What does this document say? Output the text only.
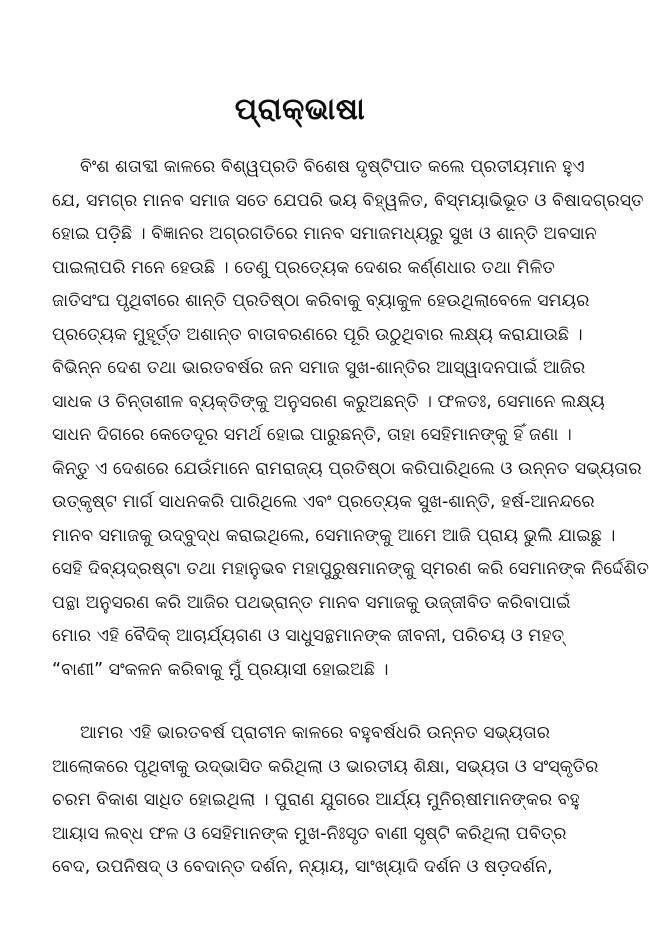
ପ୍ରାକ୍‌ଭାଷା
ବିଂଶ ଶତାବ୍ଦୀ କାଳରେ ବିଶ୍ୱପ୍ରତି ବିଶେଷ ଦୃଷ୍ଟିପାତ କଲେ ପ୍ରତୀୟମାନ ହୁଏ
ଯେ, ସମଗ୍ର ମାନବ ସମାଜ ସତେ ଯେପରି ଭୟ ବିହ୍ୱଳିତ, ବିସ୍ମୟାଭିଭୂତ ଓ ବିଷାଦଗ୍ରସ୍ତ
ହୋଇ ପଡ଼ିଛି । ବିଜ୍ଞାନର ଅଗ୍ରଗତିରେ ମାନବ ସମାଜମଧ୍ୟରୁ ସୁଖ ଓ ଶାନ୍ତି ଅବସାନ
ପାଇଲାପରି ମନେ ହେଉଛି । ତେଣୁ ପ୍ରତ୍ୟେକ ଦେଶର କର୍ଣ୍ଣଧାର ତଥା ମିଳିତ
ଜାତିସଂଘ ପୃଥିବୀରେ ଶାନ୍ତି ପ୍ରତିଷ୍ଠା କରିବାକୁ ବ୍ୟାକୁଳ ହେଉଥିଲାବେଳେ ସମୟର
ପ୍ରତ୍ୟେକ ମୁହୂର୍ତ୍ତ ଅଶାନ୍ତ ବାତାବରଣରେ ପୂରି ଉଠୁଥିବାର ଲକ୍ଷ୍ୟ କରାଯାଉଛି ।
ବିଭିନ୍ନ ଦେଶ ତଥା ଭାରତବର୍ଷର ଜନ ସମାଜ ସୁଖ-ଶାନ୍ତିର ଆସ୍ୱାଦନପାଇଁ ଆଜିର
ସାଧକ ଓ ଚିନ୍ତାଶୀଳ ବ୍ୟକ୍ତିଙ୍କୁ ଅନୁସରଣ କରୁଅଛନ୍ତି । ଫଳତଃ, ସେମାନେ ଲକ୍ଷ୍ୟ
ସାଧନ ଦିଗରେ କେତେଦୂର ସମର୍ଥ ହୋଇ ପାରୁଛନ୍ତି, ତାହା ସେହିମାନଙ୍କୁ ହିଁ ଜଣା ।
କିନ୍ତୁ ଏ ଦେଶରେ ଯେଉଁମାନେ ରାମରାଜ୍ୟ ପ୍ରତିଷ୍ଠା କରିପାରିଥିଲେ ଓ ଉନ୍ନତ ସଭ୍ୟତାର
ଉତ୍କୃଷ୍ଟ ମାର୍ଗ ସାଧନକରି ପାରିଥିଲେ ଏବଂ ପ୍ରତ୍ୟେକ ସୁଖ-ଶାନ୍ତି, ହର୍ଷ-ଆନନ୍ଦରେ
ମାନବ ସମାଜକୁ ଉଦ୍‌ବୁଦ୍ଧ କରାଇଥିଲେ, ସେମାନଙ୍କୁ ଆମେ ଆଜି ପ୍ରାୟ ଭୁଲି ଯାଇଛୁ ।
ସେହି ଦିବ୍ୟଦ୍ରଷ୍ଟା ତଥା ମହାନୁଭବ ମହାପୁରୁଷମାନଙ୍କୁ ସ୍ମରଣ କରି ସେମାନଙ୍କ ନିର୍ଦ୍ଦେଶିତ
ପନ୍ଥା ଅନୁସରଣ କରି ଆଜିର ପଥଭ୍ରାନ୍ତ ମାନବ ସମାଜକୁ ଉଜ୍ଜୀବିତ କରିବାପାଇଁ
ମୋର ଏହି ବୈଦିକ୍ ଆଚାର୍ଯ୍ୟଗଣ ଓ ସାଧୁସନ୍ଥମାନଙ୍କ ଜୀବନୀ, ପରିଚୟ ଓ ମହତ୍
“ବାଣୀ” ସଂକଳନ କରିବାକୁ ମୁଁ ପ୍ରୟାସୀ ହୋଇଅଛି ।
ଆମର ଏହି ଭାରତବର୍ଷ ପ୍ରାଚୀନ କାଳରେ ବହୁବର୍ଷଧରି ଉନ୍ନତ ସଭ୍ୟତାର
ଆଲୋକରେ ପୃଥିବୀକୁ ଉଦ୍ଭାସିତ କରିଥିଲା ଓ ଭାରତୀୟ ଶିକ୍ଷା, ସଭ୍ୟତା ଓ ସଂସ୍କୃତିର
ଚରମ ବିକାଶ ସାଧିତ ହୋଇଥିଲା । ପୁରାଣ ଯୁଗରେ ଆର୍ଯ୍ୟ ମୁନିଋଷୀମାନଙ୍କର ବହୁ
ଆୟାସ ଲବ୍ଧ ଫଳ ଓ ସେହିମାନଙ୍କ ମୁଖ-ନିଃସୃତ ବାଣୀ ସୃଷ୍ଟି କରିଥିଲା ପବିତ୍ର
ବେଦ, ଉପନିଷଦ୍ ଓ ବେଦାନ୍ତ ଦର୍ଶନ, ନ୍ୟାୟ, ସାଂଖ୍ୟାଦି ଦର୍ଶନ ଓ ଷଡ଼ଦର୍ଶନ,
